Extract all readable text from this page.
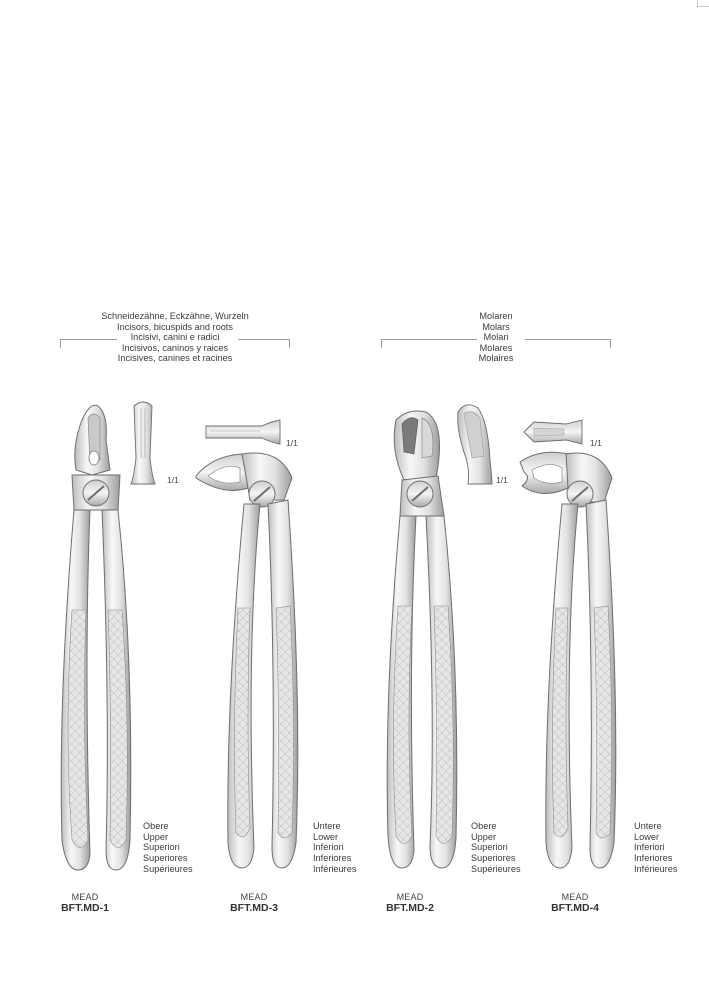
Schneidezähne, Eckzähne, Wurzeln
Incisors, bicuspids and roots
Incisivi, canini e radici
Incisivos, caninos y raices
Incisives, canines et racines
Molaren
Molars
Molari
Molares
Molaires
1/1
1/1
1/1
1/1
Obere
Upper
Superiori
Superiores
Supérieures
Untere
Lower
Inferiori
Inferiores
Inférieures
Obere
Upper
Superiori
Superiores
Supérieures
Untere
Lower
Inferiori
Inferiores
Inférieures
MEAD
BFT.MD-1
MEAD
BFT.MD-3
MEAD
BFT.MD-2
MEAD
BFT.MD-4
